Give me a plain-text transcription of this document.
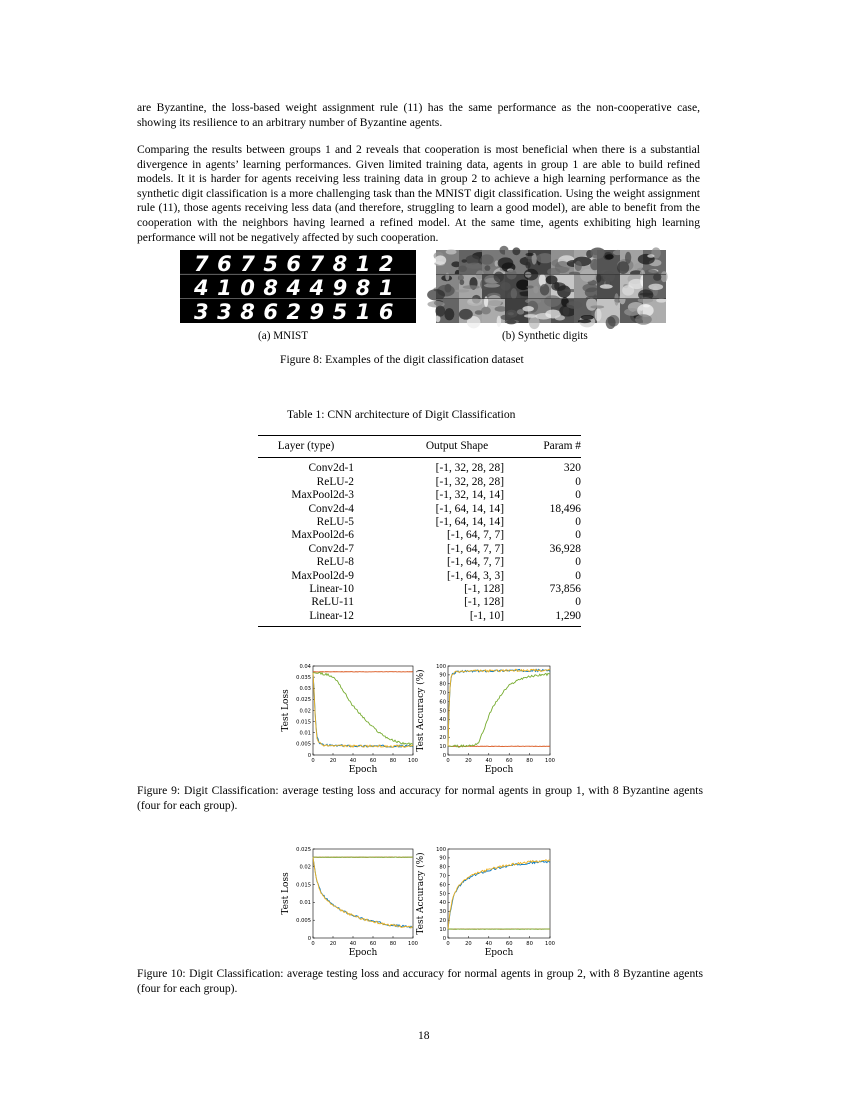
are Byzantine, the loss-based weight assignment rule (11) has the same performance as the non-cooperative case, showing its resilience to an arbitrary number of Byzantine agents.

Comparing the results between groups 1 and 2 reveals that cooperation is most beneficial when there is a substantial divergence in agents’ learning performances. Given limited training data, agents in group 1 are able to build refined models. It it is harder for agents receiving less training data in group 2 to achieve a high learning performance as the synthetic digit classification is a more challenging task than the MNIST digit classification. Using the weight assignment rule (11), those agents receiving less data (and therefore, struggling to learn a good model), are able to benefit from the cooperation with the neighbors having learned a refined model. At the same time, agents exhibiting high learning performance will not be negatively affected by such cooperation.

767567812
410844981
338629516
(a) MNIST	(b) Synthetic digits
Figure 8: Examples of the digit classification dataset
Table 1: CNN architecture of Digit Classification
Layer (type)	Output Shape	Param #
Conv2d-1	[-1, 32, 28, 28]	320
ReLU-2	[-1, 32, 28, 28]	0
MaxPool2d-3	[-1, 32, 14, 14]	0
Conv2d-4	[-1, 64, 14, 14]	18,496
ReLU-5	[-1, 64, 14, 14]	0
MaxPool2d-6	[-1, 64, 7, 7]	0
Conv2d-7	[-1, 64, 7, 7]	36,928
ReLU-8	[-1, 64, 7, 7]	0
MaxPool2d-9	[-1, 64, 3, 3]	0
Linear-10	[-1, 128]	73,856
ReLU-11	[-1, 128]	0
Linear-12	[-1, 10]	1,290
0	20	40	60	80 100
0
0.005
0.01
0.015
0.02
0.025
0.03
0.035
0.04
Epoch
Test Loss
0	20	40	60	80 100
0
10
20
30
40
50
60
70
80
90
100
Epoch
Test Accuracy (%)
Figure 9: Digit Classification: average testing loss and accuracy for normal agents in group 1, with 8 Byzantine agents (four for each group).
0	20	40	60	80 100
0
0.005
0.01
0.015
0.02
0.025
Epoch
Test Loss
0	20	40	60	80 100
0
10
20
30
40
50
60
70
80
90
100
Epoch
Test Accuracy (%)
Figure 10: Digit Classification: average testing loss and accuracy for normal agents in group 2, with 8 Byzantine agents (four for each group).
18
